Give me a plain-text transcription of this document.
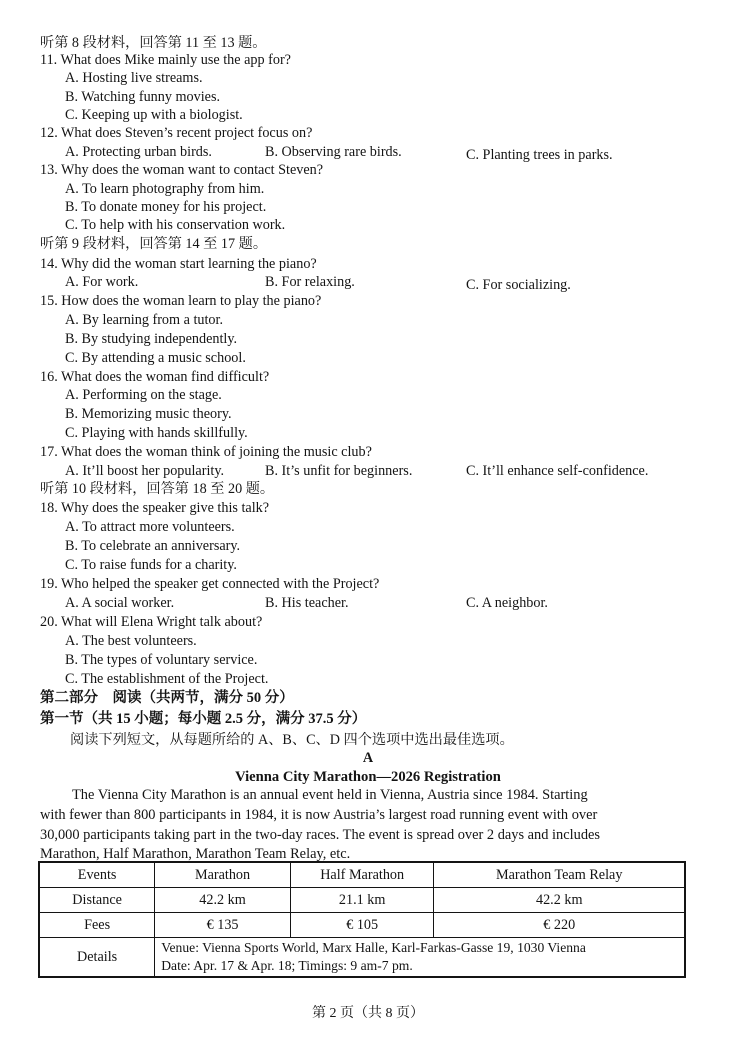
听第 8 段材料，回答第 11 至 13 题。
11. What does Mike mainly use the app for?
A. Hosting live streams.
B. Watching funny movies.
C. Keeping up with a biologist.
12. What does Steven’s recent project focus on?
A. Protecting urban birds.	B. Observing rare birds.	C. Planting trees in parks.
13. Why does the woman want to contact Steven?
A. To learn photography from him.
B. To donate money for his project.
C. To help with his conservation work.
听第 9 段材料，回答第 14 至 17 题。
14. Why did the woman start learning the piano?
A. For work.	B. For relaxing.	C. For socializing.
15. How does the woman learn to play the piano?
A. By learning from a tutor.
B. By studying independently.
C. By attending a music school.
16. What does the woman find difficult?
A. Performing on the stage.
B. Memorizing music theory.
C. Playing with hands skillfully.
17. What does the woman think of joining the music club?
A. It’ll boost her popularity.	B. It’s unfit for beginners.	C. It’ll enhance self-confidence.
听第 10 段材料，回答第 18 至 20 题。
18. Why does the speaker give this talk?
A. To attract more volunteers.
B. To celebrate an anniversary.
C. To raise funds for a charity.
19. Who helped the speaker get connected with the Project?
A. A social worker.	B. His teacher.	C. A neighbor.
20. What will Elena Wright talk about?
A. The best volunteers.
B. The types of voluntary service.
C. The establishment of the Project.
第二部分　阅读（共两节，满分 50 分）
第一节（共 15 小题；每小题 2.5 分，满分 37.5 分）
阅读下列短文，从每题所给的 A、B、C、D 四个选项中选出最佳选项。
A
Vienna City Marathon—2026 Registration
The Vienna City Marathon is an annual event held in Vienna, Austria since 1984. Starting
with fewer than 800 participants in 1984, it is now Austria’s largest road running event with over
30,000 participants taking part in the two-day races. The event is spread over 2 days and includes
Marathon, Half Marathon, Marathon Team Relay, etc.
Events	Marathon	Half Marathon	Marathon Team Relay
Distance	42.2 km	21.1 km	42.2 km
Fees	€ 135	€ 105	€ 220
Details	Venue: Vienna Sports World, Marx Halle, Karl-Farkas-Gasse 19, 1030 Vienna
Date: Apr. 17 & Apr. 18; Timings: 9 am-7 pm.		
第 2 页（共 8 页）
